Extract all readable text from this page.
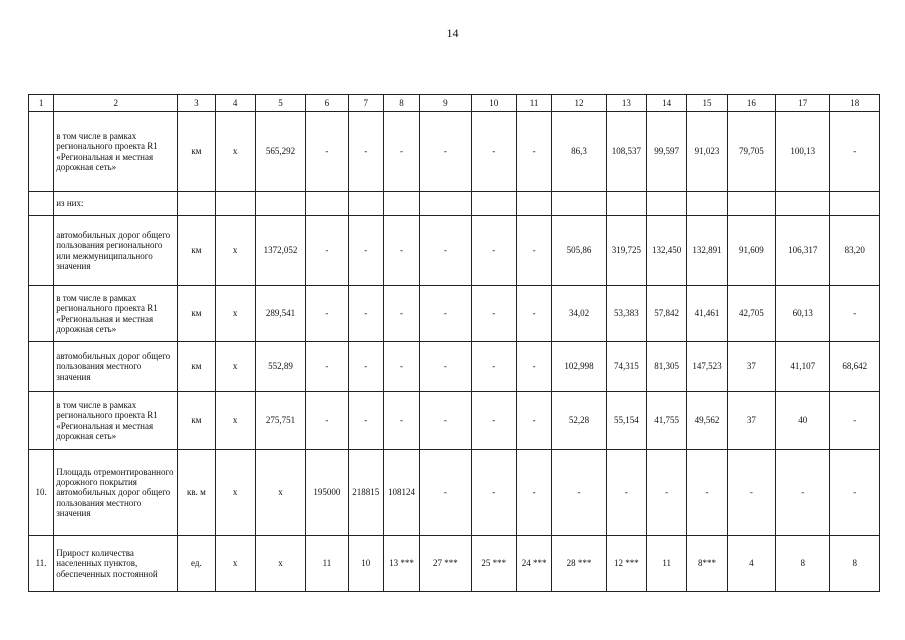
14
1	2	3	4	5	6	7	8	9	10	11	12	13	14	15	16	17	18
	в том числе в рамках регионального проекта R1 «Региональная и местная дорожная сеть»	км	х	565,292	-	-	-	-	-	-	86,3	108,537	99,597	91,023	79,705	100,13	-
	из них:																
	автомобильных дорог общего пользования регионального или межмуниципального значения	км	х	1372,052	-	-	-	-	-	-	505,86	319,725	132,450	132,891	91,609	106,317	83,20
	в том числе в рамках регионального проекта R1 «Региональная и местная дорожная сеть»	км	х	289,541	-	-	-	-	-	-	34,02	53,383	57,842	41,461	42,705	60,13	-
	автомобильных дорог общего пользования местного значения	км	х	552,89	-	-	-	-	-	-	102,998	74,315	81,305	147,523	37	41,107	68,642
	в том числе в рамках регионального проекта R1 «Региональная и местная дорожная сеть»	км	х	275,751	-	-	-	-	-	-	52,28	55,154	41,755	49,562	37	40	-
10.	Площадь отремонтированного дорожного покрытия автомобильных дорог общего пользования местного значения	кв. м	х	х	195000	218815	108124	-	-	-	-	-	-	-	-	-	-
11.	Прирост количества населенных пунктов, обеспеченных постоянной	ед.	х	х	11	10	13 ***	27 ***	25 ***	24 ***	28 ***	12 ***	11	8***	4	8	8
